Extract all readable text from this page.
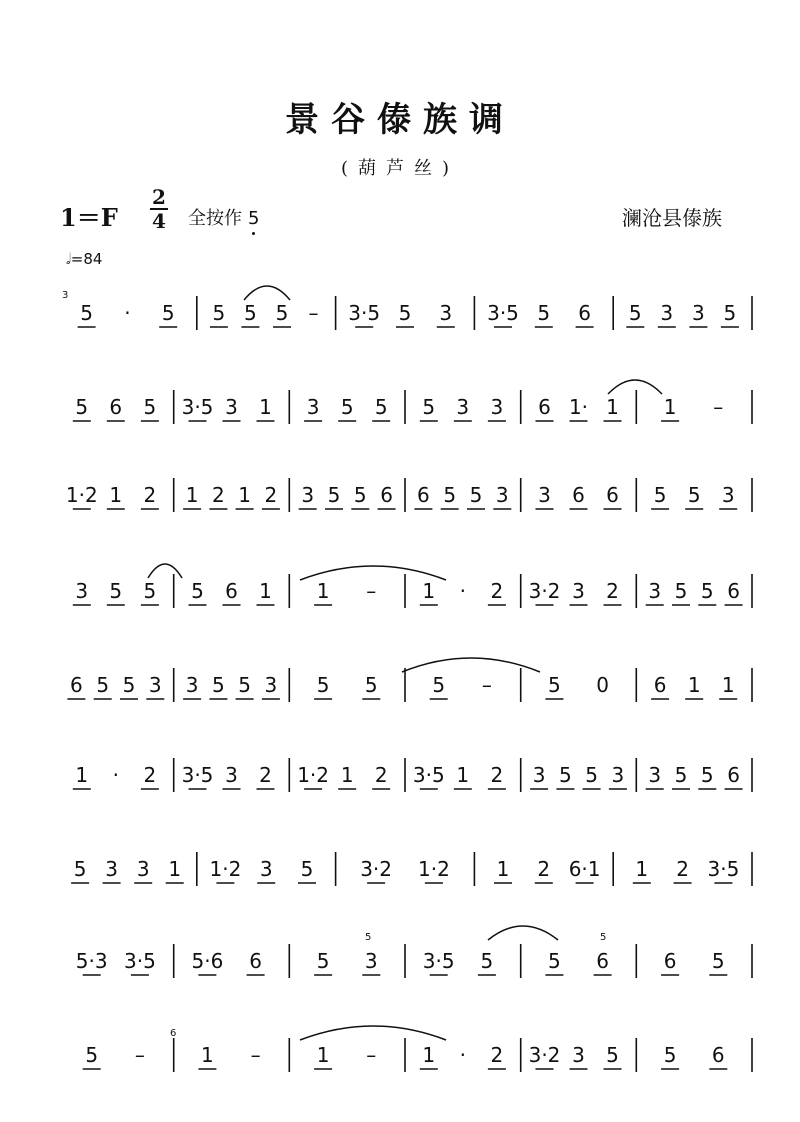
景谷傣族调
(葫芦丝)
1＝F
2
4 全按作 5	澜沧县傣族
𝅗𝅥=84
5 · 5 5 5 5 – 3·5 5 3 3·5 5 6 5 3 3 5
5 6 5 3·5 3 1 3 5 5 5 3 3 6 1· 1 1 –
1·2 1 2 1 2 1 2 3 5 5 6 6 5 5 3 3 6 6 5 5 3
3 5 5 5 6 1 1 – 1 · 2 3·2 3 2 3 5 5 6
6 5 5 3 3 5 5 3 5 5	5 –	5 0 6 1 1
1 · 2 3·5 3 2 1·2 1 2 3·5 1 2 3 5 5 3 3 5 5 6
5 3 3 1 1·2 3 5 3·2 1·2 1 2 6·1 1 2 3·5
5·3 3·5 5·6 6	5 3 3·5 5	5 6	6 5
5 –	1 –	1 – 1 · 2 3·2 3 5 5 6
3
5	5
6
